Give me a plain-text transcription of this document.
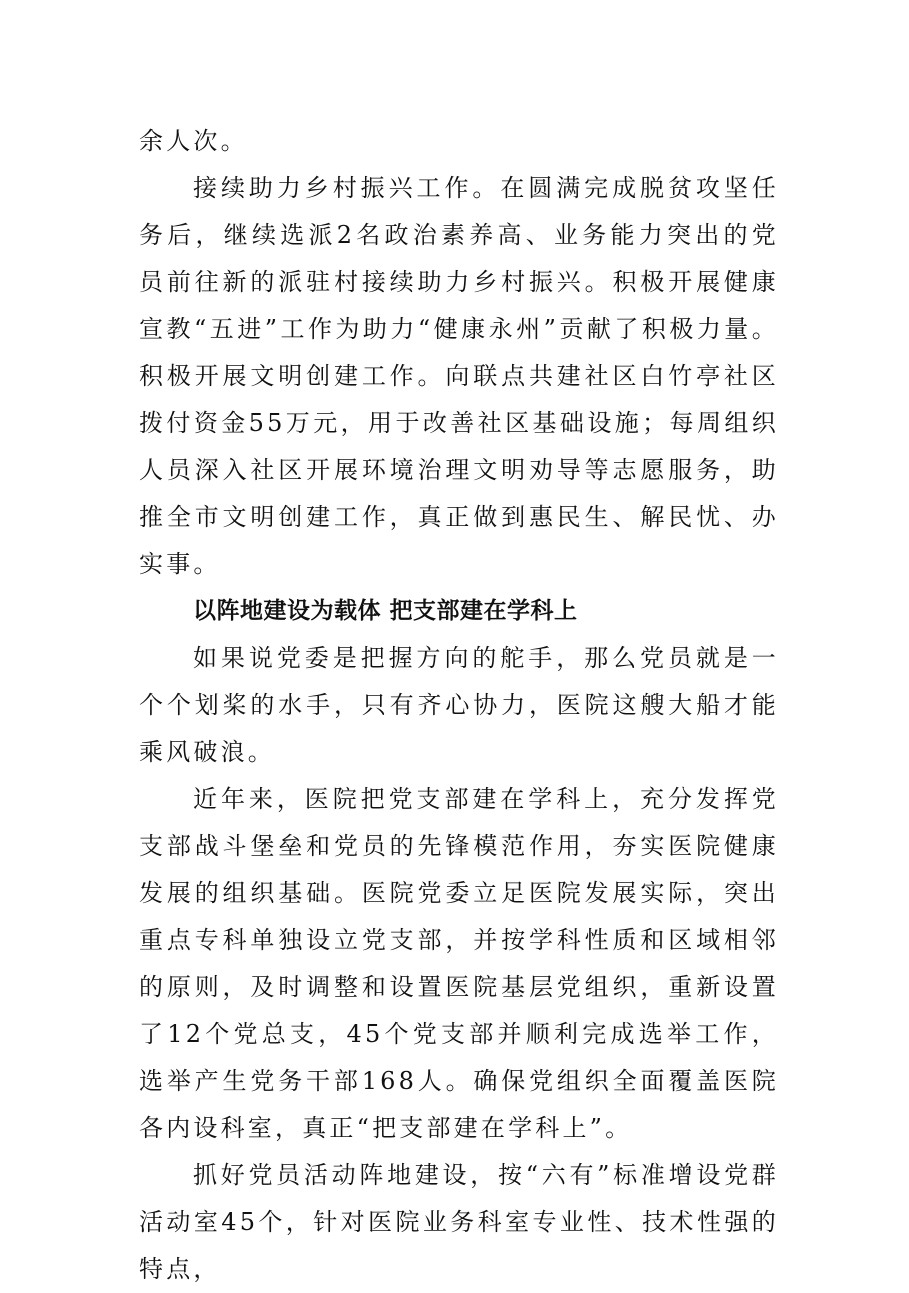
余人次。

接续助力乡村振兴工作。在圆满完成脱贫攻坚任务后，继续选派2名政治素养高、业务能力突出的党员前往新的派驻村接续助力乡村振兴。积极开展健康宣教“五进”工作为助力“健康永州”贡献了积极力量。积极开展文明创建工作。向联点共建社区白竹亭社区拨付资金55万元，用于改善社区基础设施；每周组织人员深入社区开展环境治理文明劝导等志愿服务，助推全市文明创建工作，真正做到惠民生、解民忧、办实事。

以阵地建设为载体 把支部建在学科上

如果说党委是把握方向的舵手，那么党员就是一个个划桨的水手，只有齐心协力，医院这艘大船才能乘风破浪。

近年来，医院把党支部建在学科上，充分发挥党支部战斗堡垒和党员的先锋模范作用，夯实医院健康发展的组织基础。医院党委立足医院发展实际，突出重点专科单独设立党支部，并按学科性质和区域相邻的原则，及时调整和设置医院基层党组织，重新设置了12个党总支，45个党支部并顺利完成选举工作，选举产生党务干部168人。确保党组织全面覆盖医院各内设科室，真正“把支部建在学科上”。

抓好党员活动阵地建设，按“六有”标准增设党群活动室45个，针对医院业务科室专业性、技术性强的特点，
